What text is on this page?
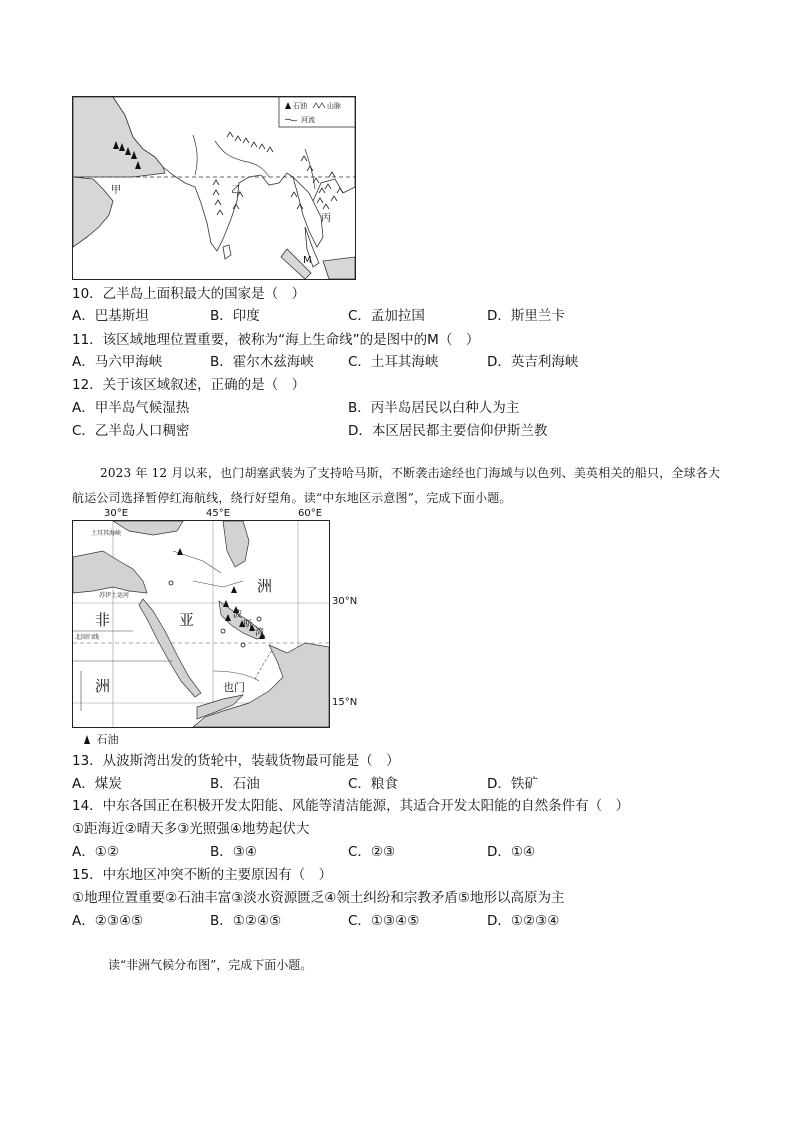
甲	乙
丙
M
石油	山脉
河流
10．乙半岛上面积最大的国家是（　）
A．巴基斯坦	B．印度	C．孟加拉国	D．斯里兰卡
11．该区域地理位置重要，被称为“海上生命线”的是图中的M（　）
A．马六甲海峡	B．霍尔木兹海峡	C．土耳其海峡	D．英吉利海峡
12．关于该区域叙述，正确的是（　）
A．甲半岛气候湿热	B．丙半岛居民以白种人为主
C．乙半岛人口稠密	D．本区居民都主要信仰伊斯兰教
2023 年 12 月以来，也门胡塞武装为了支持哈马斯，不断袭击途经也门海域与以色列、美英相关的船只，全球各大航运公司选择暂停红海航线，绕行好望角。读“中东地区示意图”，完成下面小题。
30°E	45°E	60°E
土耳其海峡
苏伊士运河
北回归线
非
洲
亚
洲
也门
波
斯
湾
30°N
15°N
石油
13．从波斯湾出发的货轮中，装载货物最可能是（　）
A．煤炭	B．石油	C．粮食	D．铁矿
14．中东各国正在积极开发太阳能、风能等清洁能源，其适合开发太阳能的自然条件有（　）
①距海近②晴天多③光照强④地势起伏大
A．①②	B．③④	C．②③	D．①④
15．中东地区冲突不断的主要原因有（　）
①地理位置重要②石油丰富③淡水资源匮乏④领土纠纷和宗教矛盾⑤地形以高原为主
A．②③④⑤	B．①②④⑤	C．①③④⑤	D．①②③④
读“非洲气候分布图”，完成下面小题。
